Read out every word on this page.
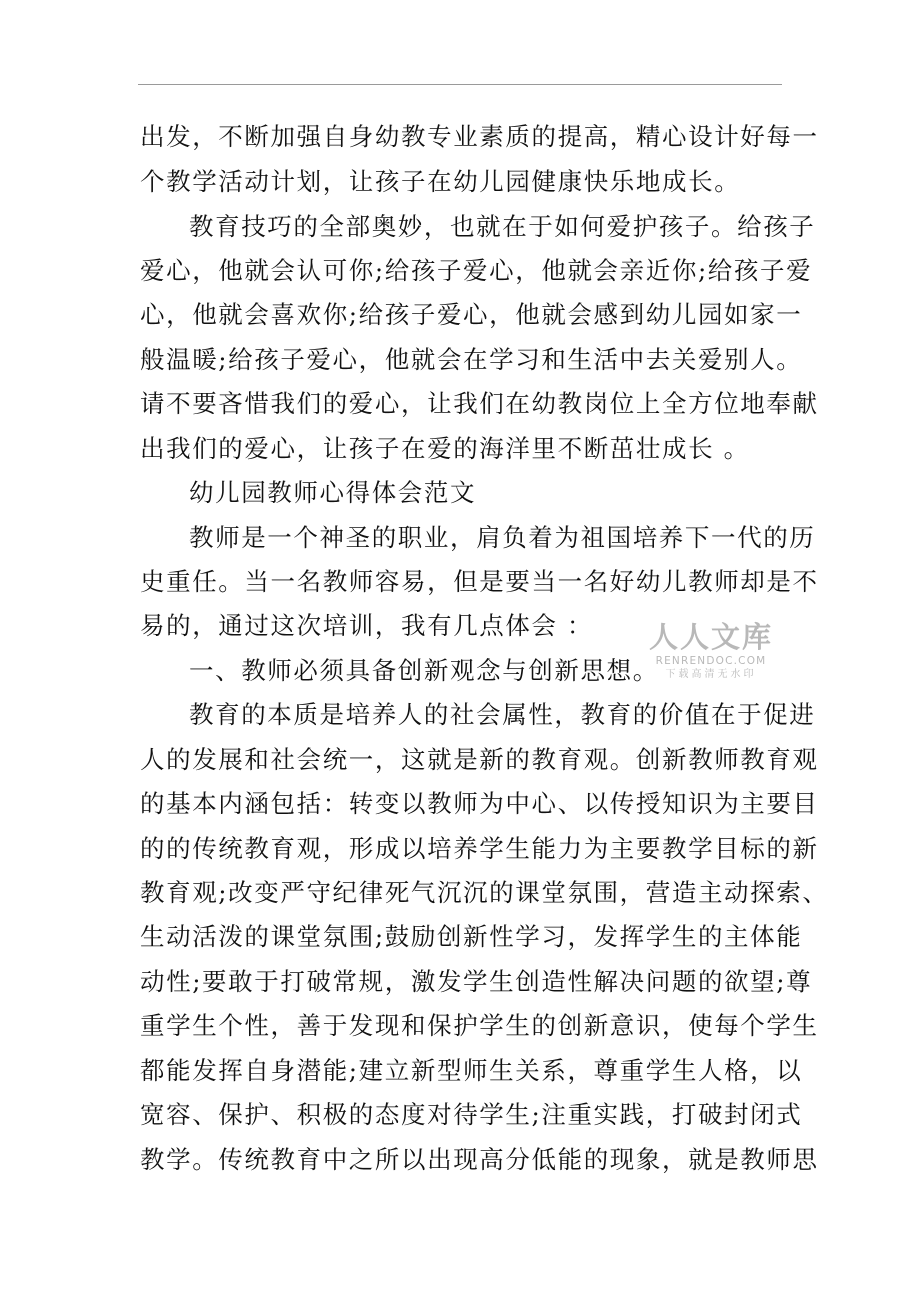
出发，不断加强自身幼教专业素质的提高，精心设计好每一
个教学活动计划，让孩子在幼儿园健康快乐地成长。
教育技巧的全部奥妙，也就在于如何爱护孩子。给孩子
爱心，他就会认可你;给孩子爱心，他就会亲近你;给孩子爱
心，他就会喜欢你;给孩子爱心，他就会感到幼儿园如家一
般温暖;给孩子爱心，他就会在学习和生活中去关爱别人。
请不要吝惜我们的爱心，让我们在幼教岗位上全方位地奉献
出我们的爱心，让孩子在爱的海洋里不断茁壮成长 。
幼儿园教师心得体会范文
教师是一个神圣的职业，肩负着为祖国培养下一代的历
史重任。当一名教师容易，但是要当一名好幼儿教师却是不
易的，通过这次培训，我有几点体会 ：
一、教师必须具备创新观念与创新思想。
教育的本质是培养人的社会属性，教育的价值在于促进
人的发展和社会统一，这就是新的教育观。创新教师教育观
的基本内涵包括：转变以教师为中心、以传授知识为主要目
的的传统教育观，形成以培养学生能力为主要教学目标的新
教育观;改变严守纪律死气沉沉的课堂氛围，营造主动探索、
生动活泼的课堂氛围;鼓励创新性学习，发挥学生的主体能
动性;要敢于打破常规，激发学生创造性解决问题的欲望;尊
重学生个性，善于发现和保护学生的创新意识，使每个学生
都能发挥自身潜能;建立新型师生关系，尊重学生人格，以
宽容、保护、积极的态度对待学生;注重实践，打破封闭式
教学。传统教育中之所以出现高分低能的现象，就是教师思
人人文库
RENRENDOC.COM
下载高清无水印
